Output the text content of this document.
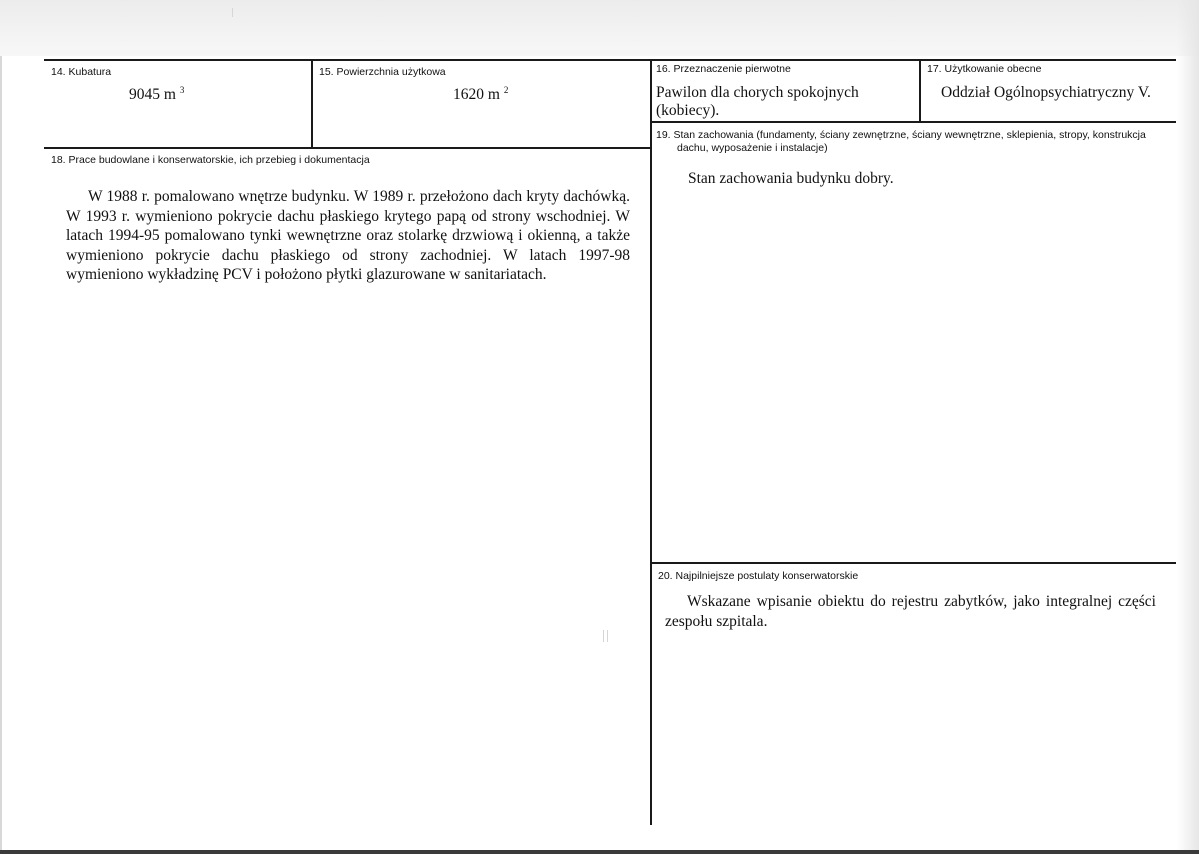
14. Kubatura
9045 m $^3$
15. Powierzchnia użytkowa
1620 m $^2$
16. Przeznaczenie pierwotne
Pawilon dla chorych spokojnych
(kobiecy).
17. Użytkowanie obecne
Oddział Ogólnopsychiatryczny V.
18. Prace budowlane i konserwatorskie, ich przebieg i dokumentacja
W 1988 r. pomalowano wnętrze budynku. W 1989 r. przełożono dach kryty dachówką. W 1993 r. wymieniono pokrycie dachu płaskiego krytego papą od strony wschodniej. W latach 1994-95 pomalowano tynki wewnętrzne oraz stolarkę drzwiową i okienną, a także wymieniono pokrycie dachu płaskiego od strony zachodniej. W latach 1997-98 wymieniono wykładzinę PCV i położono płytki glazurowane w sanitariatach.
19. Stan zachowania (fundamenty, ściany zewnętrzne, ściany wewnętrzne, sklepienia, stropy, konstrukcja
dachu, wyposażenie i instalacje)
Stan zachowania budynku dobry.
20. Najpilniejsze postulaty konserwatorskie
Wskazane wpisanie obiektu do rejestru zabytków, jako integralnej części zespołu szpitala.
